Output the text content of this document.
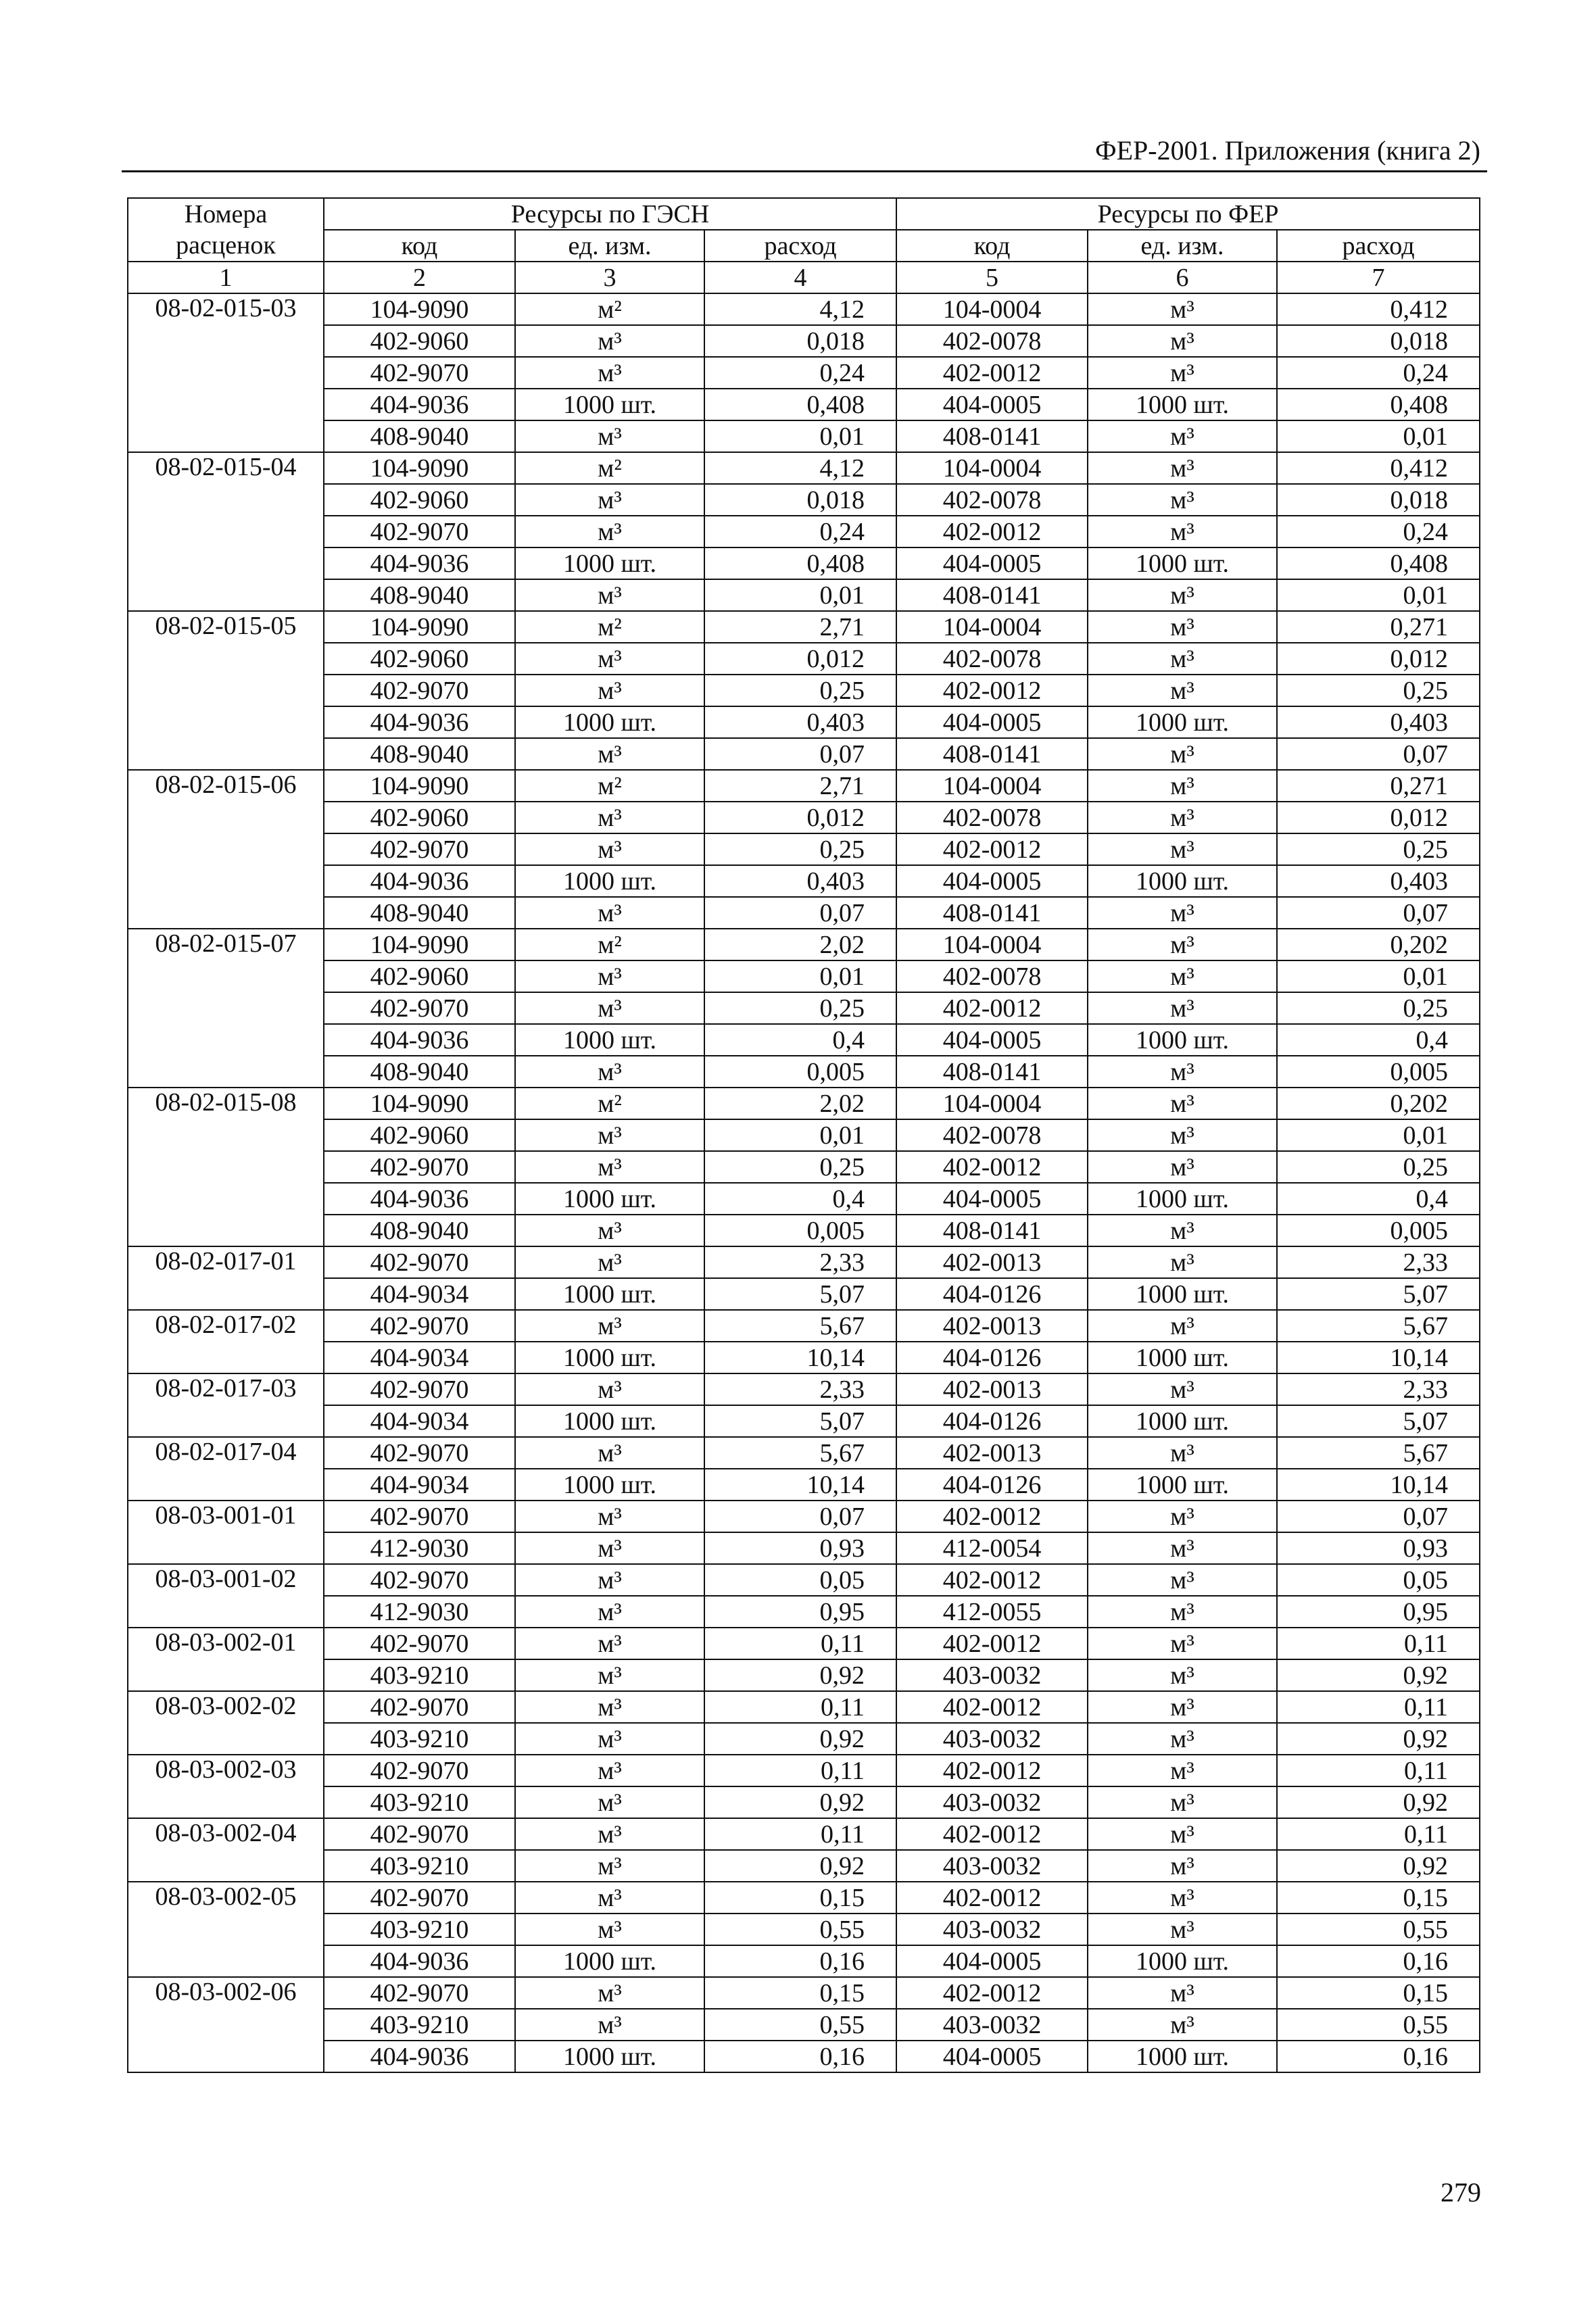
ФЕР-2001. Приложения (книга 2)
Номера	Ресурсы по ГЭСН			Ресурсы по ФЕР		
расценок	код	ед. изм.	расход	код	ед. изм.	расход
1	2	3	4	5	6	7
08-02-015-03	104-9090	м²	4,12	104-0004	м³	0,412
	402-9060	м³	0,018	402-0078	м³	0,018
	402-9070	м³	0,24	402-0012	м³	0,24
	404-9036	1000 шт.	0,408	404-0005	1000 шт.	0,408
	408-9040	м³	0,01	408-0141	м³	0,01
08-02-015-04	104-9090	м²	4,12	104-0004	м³	0,412
	402-9060	м³	0,018	402-0078	м³	0,018
	402-9070	м³	0,24	402-0012	м³	0,24
	404-9036	1000 шт.	0,408	404-0005	1000 шт.	0,408
	408-9040	м³	0,01	408-0141	м³	0,01
08-02-015-05	104-9090	м²	2,71	104-0004	м³	0,271
	402-9060	м³	0,012	402-0078	м³	0,012
	402-9070	м³	0,25	402-0012	м³	0,25
	404-9036	1000 шт.	0,403	404-0005	1000 шт.	0,403
	408-9040	м³	0,07	408-0141	м³	0,07
08-02-015-06	104-9090	м²	2,71	104-0004	м³	0,271
	402-9060	м³	0,012	402-0078	м³	0,012
	402-9070	м³	0,25	402-0012	м³	0,25
	404-9036	1000 шт.	0,403	404-0005	1000 шт.	0,403
	408-9040	м³	0,07	408-0141	м³	0,07
08-02-015-07	104-9090	м²	2,02	104-0004	м³	0,202
	402-9060	м³	0,01	402-0078	м³	0,01
	402-9070	м³	0,25	402-0012	м³	0,25
	404-9036	1000 шт.	0,4	404-0005	1000 шт.	0,4
	408-9040	м³	0,005	408-0141	м³	0,005
08-02-015-08	104-9090	м²	2,02	104-0004	м³	0,202
	402-9060	м³	0,01	402-0078	м³	0,01
	402-9070	м³	0,25	402-0012	м³	0,25
	404-9036	1000 шт.	0,4	404-0005	1000 шт.	0,4
	408-9040	м³	0,005	408-0141	м³	0,005
08-02-017-01	402-9070	м³	2,33	402-0013	м³	2,33
	404-9034	1000 шт.	5,07	404-0126	1000 шт.	5,07
08-02-017-02	402-9070	м³	5,67	402-0013	м³	5,67
	404-9034	1000 шт.	10,14	404-0126	1000 шт.	10,14
08-02-017-03	402-9070	м³	2,33	402-0013	м³	2,33
	404-9034	1000 шт.	5,07	404-0126	1000 шт.	5,07
08-02-017-04	402-9070	м³	5,67	402-0013	м³	5,67
	404-9034	1000 шт.	10,14	404-0126	1000 шт.	10,14
08-03-001-01	402-9070	м³	0,07	402-0012	м³	0,07
	412-9030	м³	0,93	412-0054	м³	0,93
08-03-001-02	402-9070	м³	0,05	402-0012	м³	0,05
	412-9030	м³	0,95	412-0055	м³	0,95
08-03-002-01	402-9070	м³	0,11	402-0012	м³	0,11
	403-9210	м³	0,92	403-0032	м³	0,92
08-03-002-02	402-9070	м³	0,11	402-0012	м³	0,11
	403-9210	м³	0,92	403-0032	м³	0,92
08-03-002-03	402-9070	м³	0,11	402-0012	м³	0,11
	403-9210	м³	0,92	403-0032	м³	0,92
08-03-002-04	402-9070	м³	0,11	402-0012	м³	0,11
	403-9210	м³	0,92	403-0032	м³	0,92
08-03-002-05	402-9070	м³	0,15	402-0012	м³	0,15
	403-9210	м³	0,55	403-0032	м³	0,55
	404-9036	1000 шт.	0,16	404-0005	1000 шт.	0,16
08-03-002-06	402-9070	м³	0,15	402-0012	м³	0,15
	403-9210	м³	0,55	403-0032	м³	0,55
	404-9036	1000 шт.	0,16	404-0005	1000 шт.	0,16
279
